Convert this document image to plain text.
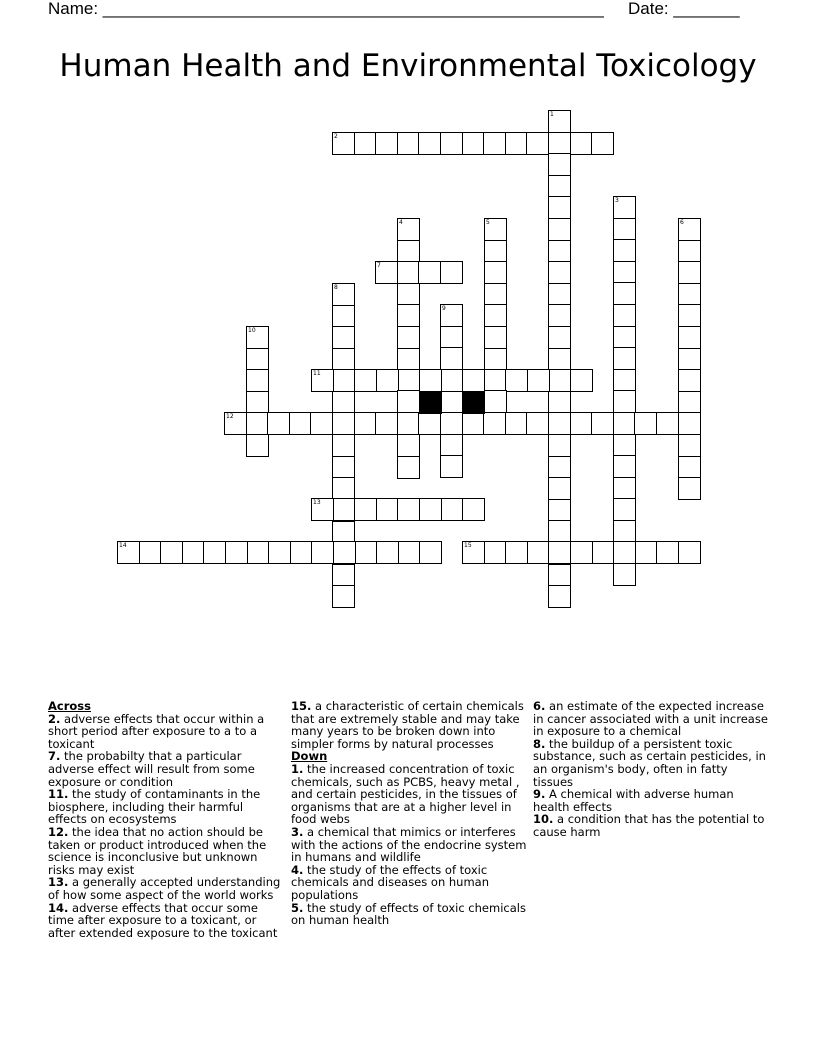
Name: _____________________________________________________ Date: _______
Human Health and Environmental Toxicology
1
2
3
4	5	6
7
8
9
10
11
12
13
14	15
Across
2. adverse effects that occur within a short period after exposure to a to a toxicant
7. the probabilty that a particular adverse effect will result from some exposure or condition
11. the study of contaminants in the biosphere, including their harmful effects on ecosystems
12. the idea that no action should be taken or product introduced when the science is inconclusive but unknown risks may exist
13. a generally accepted understanding of how some aspect of the world works
14. adverse effects that occur some time after exposure to a toxicant, or after extended exposure to the toxicant
15. a characteristic of certain chemicals that are extremely stable and may take many years to be broken down into simpler forms by natural processes
Down
1. the increased concentration of toxic chemicals, such as PCBS, heavy metal , and certain pesticides, in the tissues of organisms that are at a higher level in food webs
3. a chemical that mimics or interferes with the actions of the endocrine system in humans and wildlife
4. the study of the effects of toxic chemicals and diseases on human populations
5. the study of effects of toxic chemicals on human health
6. an estimate of the expected increase in cancer associated with a unit increase in exposure to a chemical
8. the buildup of a persistent toxic substance, such as certain pesticides, in an organism's body, often in fatty tissues
9. A chemical with adverse human health effects
10. a condition that has the potential to cause harm
